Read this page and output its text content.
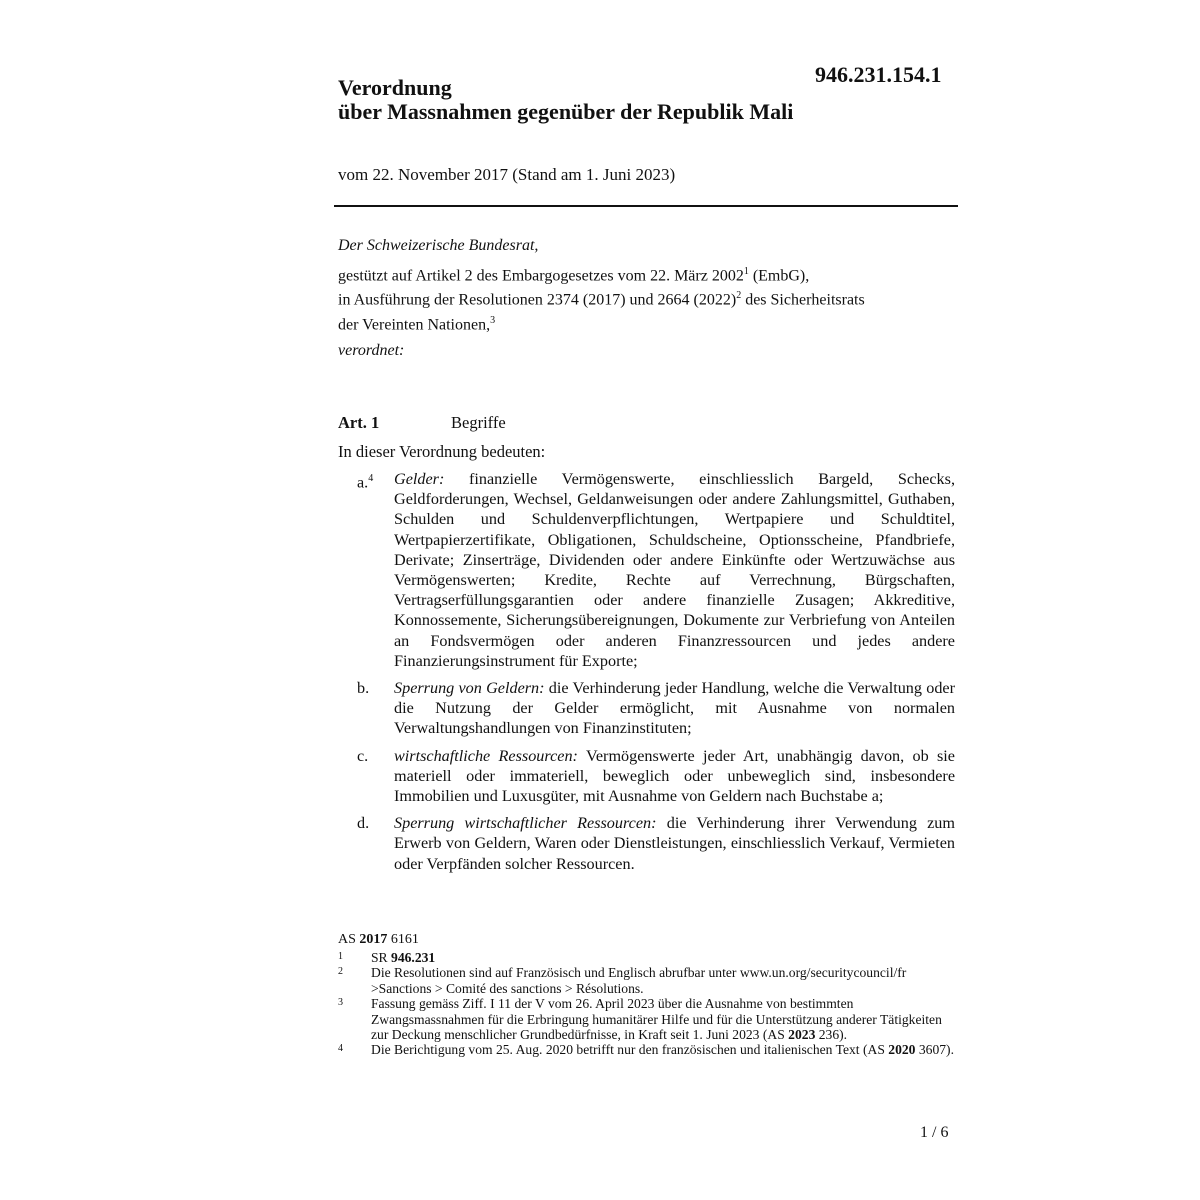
946.231.154.1
Verordnung
über Massnahmen gegenüber der Republik Mali
vom 22. November 2017 (Stand am 1. Juni 2023)

Der Schweizerische Bundesrat,

gestützt auf Artikel 2 des Embargogesetzes vom 22. März 2002$^1$ (EmbG),

in Ausführung der Resolutionen 2374 (2017) und 2664 $(2022)^2$ des Sicherheitsrats

der Vereinten Nationen,$^3$

verordnet:

Art. 1	Begriffe
In dieser Verordnung bedeuten:
a.$^4$	Gelder: finanzielle Vermögenswerte, einschliesslich Bargeld, Schecks, Geldforderungen, Wechsel, Geldanweisungen oder andere Zahlungsmittel, Guthaben, Schulden und Schuldenverpflichtungen, Wertpapiere und Schuldtitel, Wertpapierzertifikate, Obligationen, Schuldscheine, Optionsscheine, Pfandbriefe, Derivate; Zinserträge, Dividenden oder andere Einkünfte oder Wertzuwächse aus Vermögenswerten; Kredite, Rechte auf Verrechnung, Bürgschaften, Vertragserfüllungsgarantien oder andere finanzielle Zusagen; Akkreditive, Konnossemente, Sicherungsübereignungen, Dokumente zur Verbriefung von Anteilen an Fondsvermögen oder anderen Finanzressourcen und jedes andere Finanzierungsinstrument für Exporte;
b.	Sperrung von Geldern: die Verhinderung jeder Handlung, welche die Verwaltung oder die Nutzung der Gelder ermöglicht, mit Ausnahme von normalen Verwaltungshandlungen von Finanzinstituten;
c.	wirtschaftliche Ressourcen: Vermögenswerte jeder Art, unabhängig davon, ob sie materiell oder immateriell, beweglich oder unbeweglich sind, insbesondere Immobilien und Luxusgüter, mit Ausnahme von Geldern nach Buchstabe a;
d.	Sperrung wirtschaftlicher Ressourcen: die Verhinderung ihrer Verwendung zum Erwerb von Geldern, Waren oder Dienstleistungen, einschliesslich Verkauf, Vermieten oder Verpfänden solcher Ressourcen.
AS 2017 6161
1	SR 946.231
2	Die Resolutionen sind auf Französisch und Englisch abrufbar unter www.un.org/securitycouncil/fr >Sanctions > Comité des sanctions > Résolutions.
3	Fassung gemäss Ziff. I 11 der V vom 26. April 2023 über die Ausnahme von bestimmten Zwangsmassnahmen für die Erbringung humanitärer Hilfe und für die Unterstützung anderer Tätigkeiten zur Deckung menschlicher Grundbedürfnisse, in Kraft seit 1. Juni 2023 (AS 2023 236).
4	Die Berichtigung vom 25. Aug. 2020 betrifft nur den französischen und italienischen Text (AS 2020 3607).
1 / 6
